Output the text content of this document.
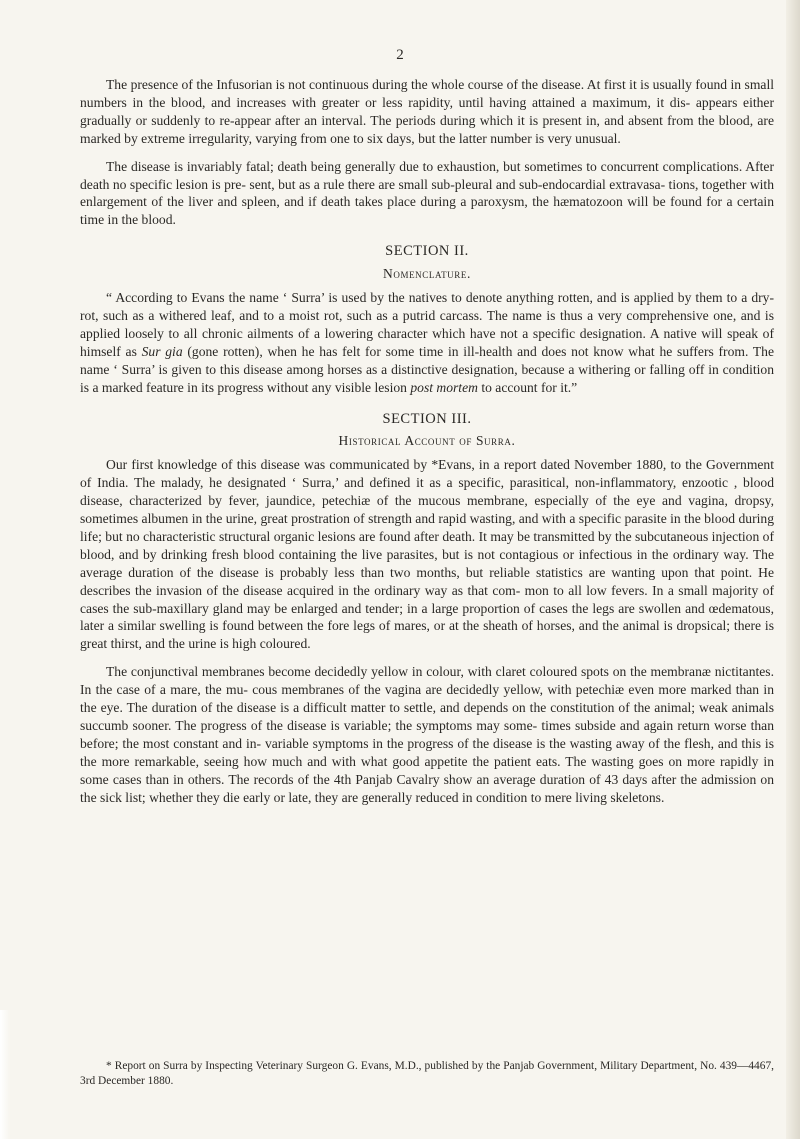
2

The presence of the Infusorian is not continuous during the whole course of the disease. At first it is usually found in small numbers in the blood, and increases with greater or less rapidity, until having attained a maximum, it dis- appears either gradually or suddenly to re-appear after an interval. The periods during which it is present in, and absent from the blood, are marked by extreme irregularity, varying from one to six days, but the latter number is very unusual.

The disease is invariably fatal; death being generally due to exhaustion, but sometimes to concurrent complications. After death no specific lesion is pre- sent, but as a rule there are small sub-pleural and sub-endocardial extravasa- tions, together with enlargement of the liver and spleen, and if death takes place during a paroxysm, the hæmatozoon will be found for a certain time in the blood.

SECTION II.
Nomenclature.

“ According to Evans the name ‘ Surra’ is used by the natives to denote anything rotten, and is applied by them to a dry-rot, such as a withered leaf, and to a moist rot, such as a putrid carcass. The name is thus a very comprehensive one, and is applied loosely to all chronic ailments of a lowering character which have not a specific designation. A native will speak of himself as Sur gia (gone rotten), when he has felt for some time in ill-health and does not know what he suffers from. The name ‘ Surra’ is given to this disease among horses as a distinctive designation, because a withering or falling off in condition is a marked feature in its progress without any visible lesion post mortem to account for it.”

SECTION III.
Historical Account of Surra.

Our first knowledge of this disease was communicated by *Evans, in a report dated November 1880, to the Government of India. The malady, he designated ‘ Surra,’ and defined it as a specific, parasitical, non-inflammatory, enzootic , blood disease, characterized by fever, jaundice, petechiæ of the mucous membrane, especially of the eye and vagina, dropsy, sometimes albumen in the urine, great prostration of strength and rapid wasting, and with a specific parasite in the blood during life; but no characteristic structural organic lesions are found after death. It may be transmitted by the subcutaneous injection of blood, and by drinking fresh blood containing the live parasites, but is not contagious or infectious in the ordinary way. The average duration of the disease is probably less than two months, but reliable statistics are wanting upon that point. He describes the invasion of the disease acquired in the ordinary way as that com- mon to all low fevers. In a small majority of cases the sub-maxillary gland may be enlarged and tender; in a large proportion of cases the legs are swollen and œdematous, later a similar swelling is found between the fore legs of mares, or at the sheath of horses, and the animal is dropsical; there is great thirst, and the urine is high coloured.

The conjunctival membranes become decidedly yellow in colour, with claret coloured spots on the membranæ nictitantes. In the case of a mare, the mu- cous membranes of the vagina are decidedly yellow, with petechiæ even more marked than in the eye. The duration of the disease is a difficult matter to settle, and depends on the constitution of the animal; weak animals succumb sooner. The progress of the disease is variable; the symptoms may some- times subside and again return worse than before; the most constant and in- variable symptoms in the progress of the disease is the wasting away of the flesh, and this is the more remarkable, seeing how much and with what good appetite the patient eats. The wasting goes on more rapidly in some cases than in others. The records of the 4th Panjab Cavalry show an average duration of 43 days after the admission on the sick list; whether they die early or late, they are generally reduced in condition to mere living skeletons.

* Report on Surra by Inspecting Veterinary Surgeon G. Evans, M.D., published by the Panjab Government, Military Department, No. 439—4467, 3rd December 1880.
